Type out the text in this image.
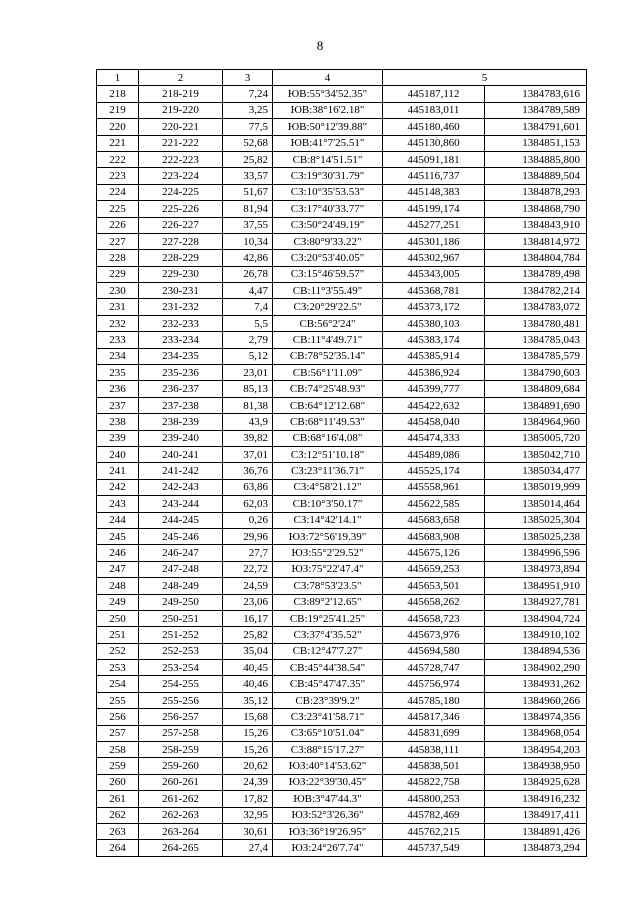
8
1	2	3	4	5	
218	218-219	7,24	ЮВ:55°34'52.35"	445187,112	1384783,616
219	219-220	3,25	ЮВ:38°16'2.18"	445183,011	1384789,589
220	220-221	77,5	ЮВ:50°12'39.88"	445180,460	1384791,601
221	221-222	52,68	ЮВ:41°7'25.51"	445130,860	1384851,153
222	222-223	25,82	СВ:8°14'51.51"	445091,181	1384885,800
223	223-224	33,57	СЗ:19°30'31.79"	445116,737	1384889,504
224	224-225	51,67	СЗ:10°35'53.53"	445148,383	1384878,293
225	225-226	81,94	СЗ:17°40'33.77"	445199,174	1384868,790
226	226-227	37,55	СЗ:50°24'49.19"	445277,251	1384843,910
227	227-228	10,34	СЗ:80°9'33.22"	445301,186	1384814,972
228	228-229	42,86	СЗ:20°53'40.05"	445302,967	1384804,784
229	229-230	26,78	СЗ:15°46'59.57"	445343,005	1384789,498
230	230-231	4,47	СВ:11°3'55.49"	445368,781	1384782,214
231	231-232	7,4	СЗ:20°29'22.5"	445373,172	1384783,072
232	232-233	5,5	СВ:56°2'24"	445380,103	1384780,481
233	233-234	2,79	СВ:11°4'49.71"	445383,174	1384785,043
234	234-235	5,12	СВ:78°52'35.14"	445385,914	1384785,579
235	235-236	23,01	СВ:56°1'11.09"	445386,924	1384790,603
236	236-237	85,13	СВ:74°25'48.93"	445399,777	1384809,684
237	237-238	81,38	СВ:64°12'12.68"	445422,632	1384891,690
238	238-239	43,9	СВ:68°11'49.53"	445458,040	1384964,960
239	239-240	39,82	СВ:68°16'4.08"	445474,333	1385005,720
240	240-241	37,01	СЗ:12°51'10.18"	445489,086	1385042,710
241	241-242	36,76	СЗ:23°11'36.71"	445525,174	1385034,477
242	242-243	63,86	СЗ:4°58'21.12"	445558,961	1385019,999
243	243-244	62,03	СВ:10°3'50.17"	445622,585	1385014,464
244	244-245	0,26	СЗ:14°42'14.1"	445683,658	1385025,304
245	245-246	29,96	ЮЗ:72°56'19.39"	445683,908	1385025,238
246	246-247	27,7	ЮЗ:55°2'29.52"	445675,126	1384996,596
247	247-248	22,72	ЮЗ:75°22'47.4"	445659,253	1384973,894
248	248-249	24,59	СЗ:78°53'23.5"	445653,501	1384951,910
249	249-250	23,06	СЗ:89°2'12.65"	445658,262	1384927,781
250	250-251	16,17	СВ:19°25'41.25"	445658,723	1384904,724
251	251-252	25,82	СЗ:37°4'35.52"	445673,976	1384910,102
252	252-253	35,04	СВ:12°47'7.27"	445694,580	1384894,536
253	253-254	40,45	СВ:45°44'38.54"	445728,747	1384902,290
254	254-255	40,46	СВ:45°47'47.35"	445756,974	1384931,262
255	255-256	35,12	СВ:23°39'9.2"	445785,180	1384960,266
256	256-257	15,68	СЗ:23°41'58.71"	445817,346	1384974,356
257	257-258	15,26	СЗ:65°10'51.04"	445831,699	1384968,054
258	258-259	15,26	СЗ:88°15'17.27"	445838,111	1384954,203
259	259-260	20,62	ЮЗ:40°14'53.62"	445838,501	1384938,950
260	260-261	24,39	ЮЗ:22°39'30.45"	445822,758	1384925,628
261	261-262	17,82	ЮВ:3°47'44.3"	445800,253	1384916,232
262	262-263	32,95	ЮЗ:52°3'26.36"	445782,469	1384917,411
263	263-264	30,61	ЮЗ:36°19'26.95"	445762,215	1384891,426
264	264-265	27,4	ЮЗ:24°26'7.74"	445737,549	1384873,294
